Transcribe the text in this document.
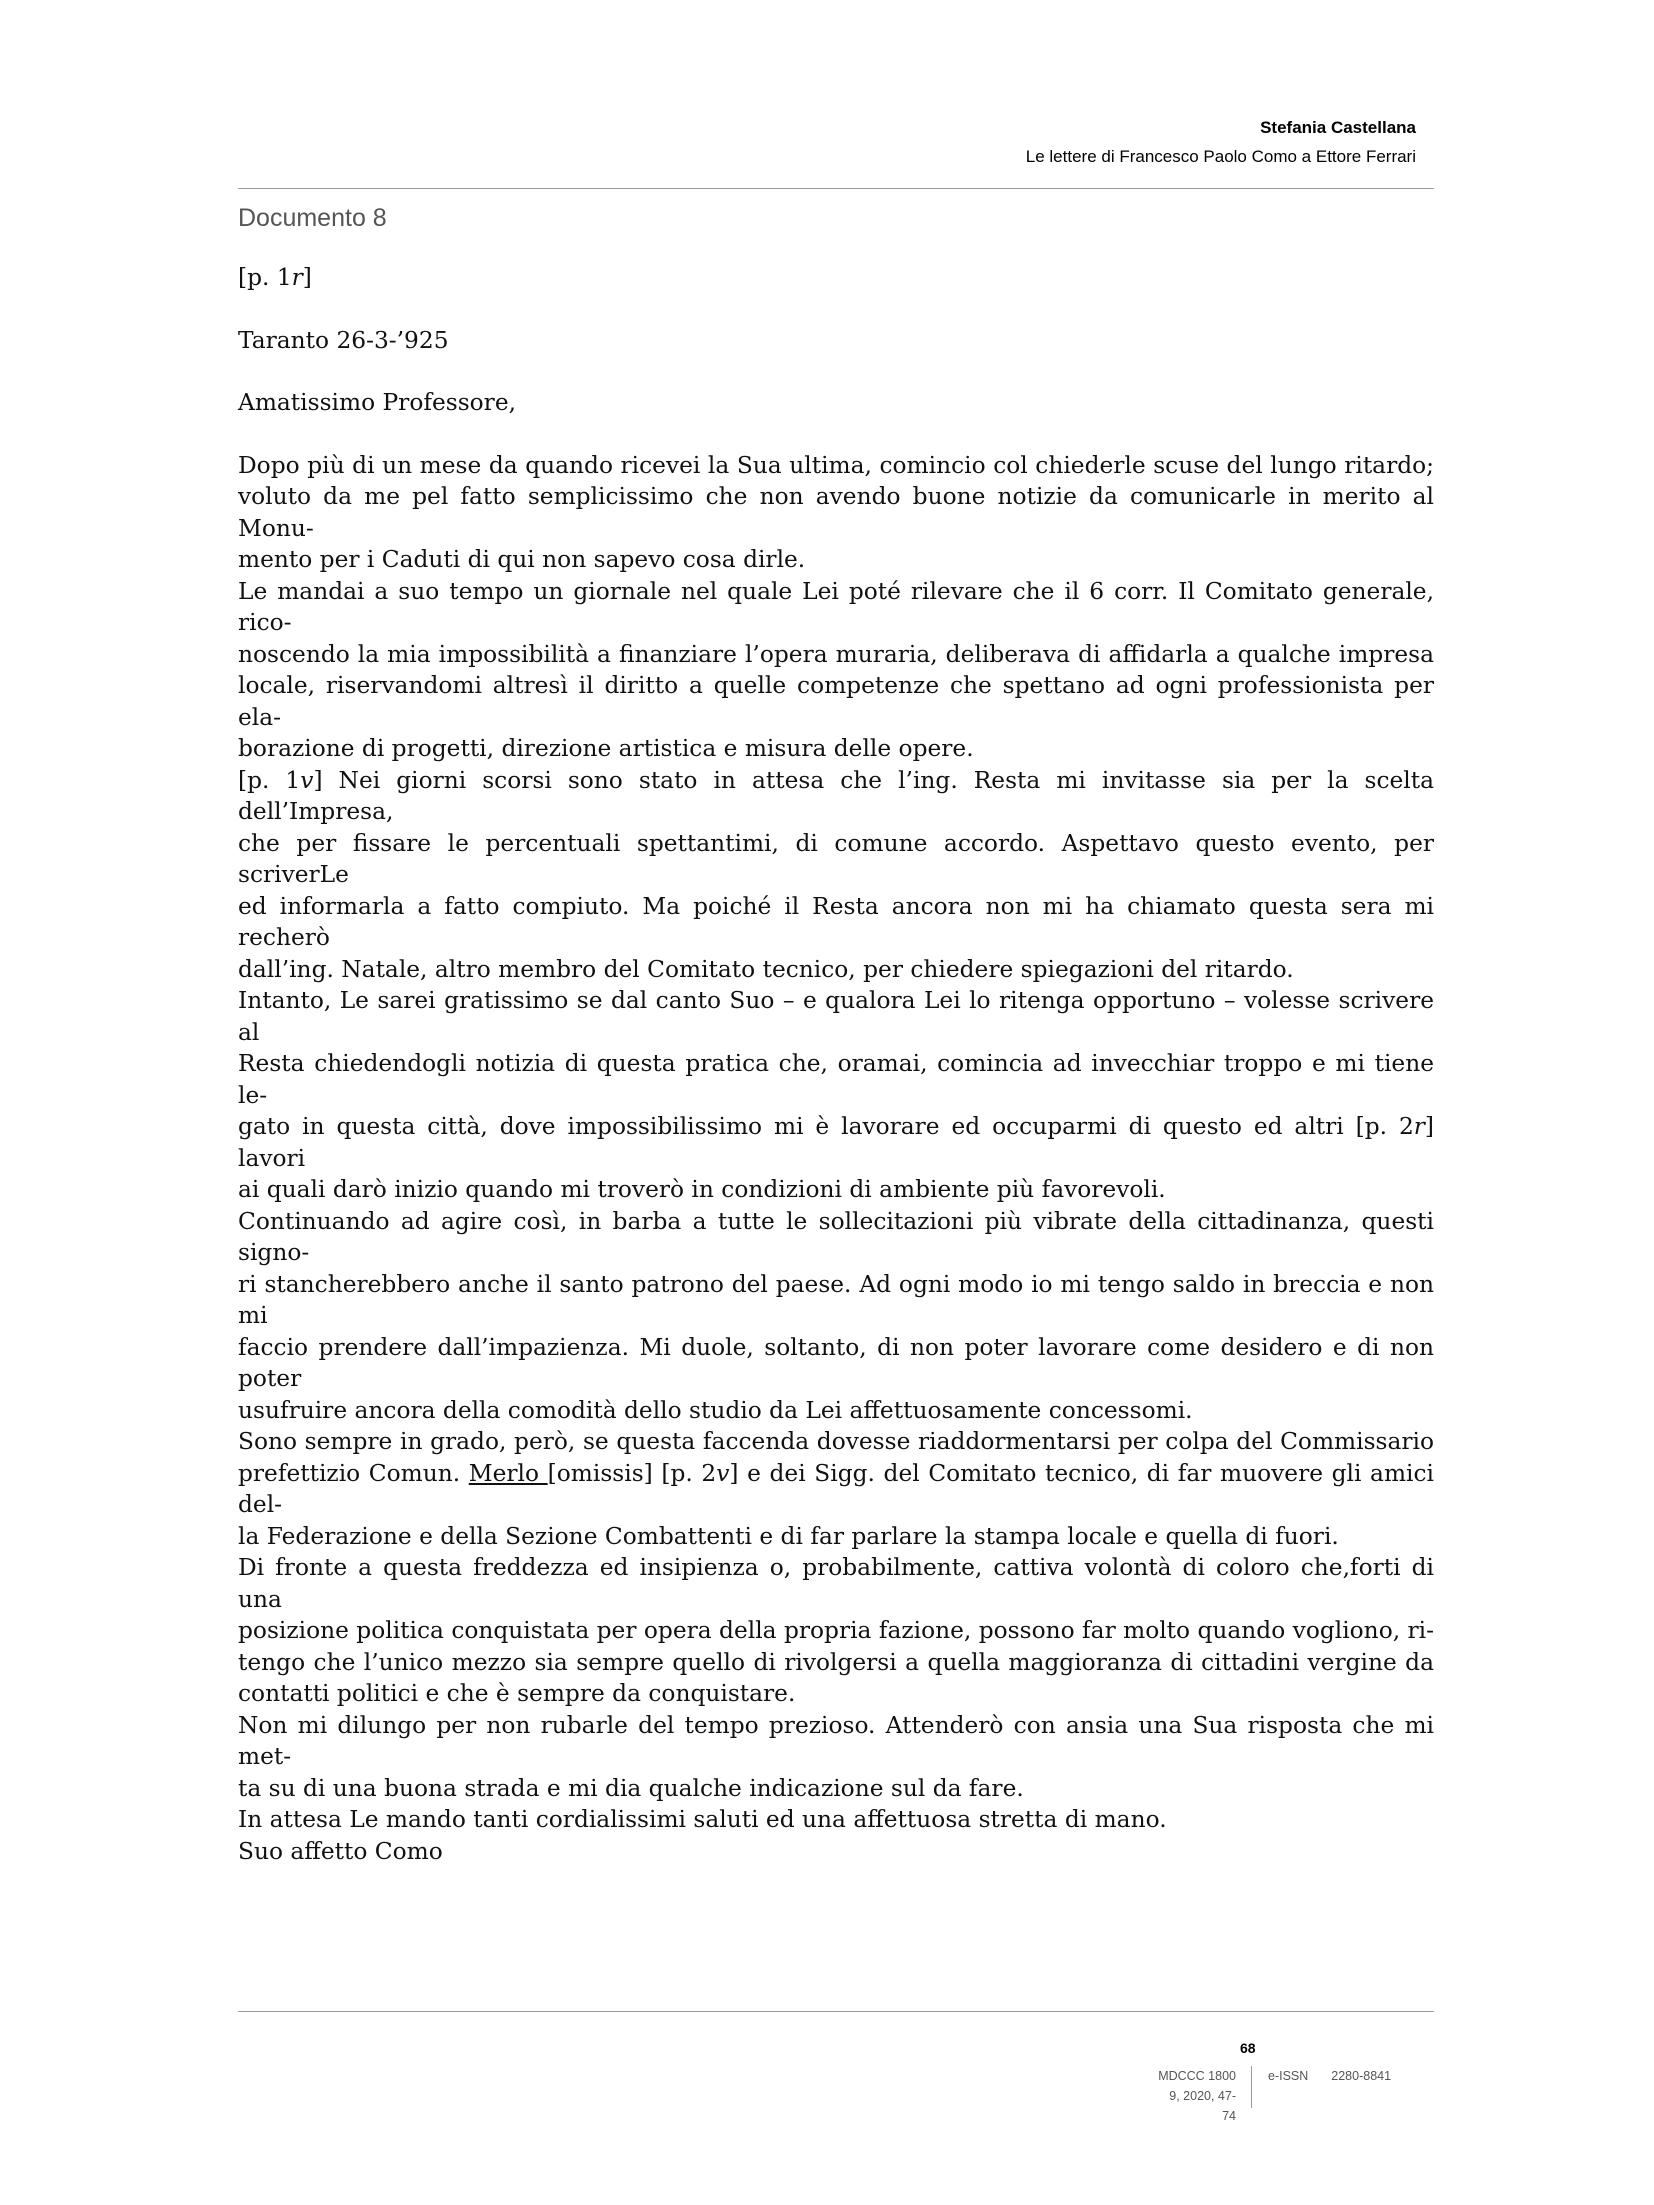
Stefania Castellana
Le lettere di Francesco Paolo Como a Ettore Ferrari
Documento 8

[p. 1r]

Taranto 26-3-’925

Amatissimo Professore,

Dopo più di un mese da quando ricevei la Sua ultima, comincio col chiederle scuse del lungo ritardo;
voluto da me pel fatto semplicissimo che non avendo buone notizie da comunicarle in merito al Monu-
mento per i Caduti di qui non sapevo cosa dirle.
Le mandai a suo tempo un giornale nel quale Lei poté rilevare che il 6 corr. Il Comitato generale, rico-
noscendo la mia impossibilità a finanziare l’opera muraria, deliberava di affidarla a qualche impresa
locale, riservandomi altresì il diritto a quelle competenze che spettano ad ogni professionista per ela-
borazione di progetti, direzione artistica e misura delle opere.
[p. 1v] Nei giorni scorsi sono stato in attesa che l’ing. Resta mi invitasse sia per la scelta dell’Impresa,
che per fissare le percentuali spettantimi, di comune accordo. Aspettavo questo evento, per scriverLe
ed informarla a fatto compiuto. Ma poiché il Resta ancora non mi ha chiamato questa sera mi recherò
dall’ing. Natale, altro membro del Comitato tecnico, per chiedere spiegazioni del ritardo.
Intanto, Le sarei gratissimo se dal canto Suo – e qualora Lei lo ritenga opportuno – volesse scrivere al
Resta chiedendogli notizia di questa pratica che, oramai, comincia ad invecchiar troppo e mi tiene le-
gato in questa città, dove impossibilissimo mi è lavorare ed occuparmi di questo ed altri [p. 2r] lavori
ai quali darò inizio quando mi troverò in condizioni di ambiente più favorevoli.
Continuando ad agire così, in barba a tutte le sollecitazioni più vibrate della cittadinanza, questi signo-
ri stancherebbero anche il santo patrono del paese. Ad ogni modo io mi tengo saldo in breccia e non mi
faccio prendere dall’impazienza. Mi duole, soltanto, di non poter lavorare come desidero e di non poter
usufruire ancora della comodità dello studio da Lei affettuosamente concessomi.
Sono sempre in grado, però, se questa faccenda dovesse riaddormentarsi per colpa del Commissario
prefettizio Comun. Merlo [omissis] [p. 2v] e dei Sigg. del Comitato tecnico, di far muovere gli amici del-
la Federazione e della Sezione Combattenti e di far parlare la stampa locale e quella di fuori.
Di fronte a questa freddezza ed insipienza o, probabilmente, cattiva volontà di coloro che,forti di una
posizione politica conquistata per opera della propria fazione, possono far molto quando vogliono, ri-
tengo che l’unico mezzo sia sempre quello di rivolgersi a quella maggioranza di cittadini vergine da
contatti politici e che è sempre da conquistare.
Non mi dilungo per non rubarle del tempo prezioso. Attenderò con ansia una Sua risposta che mi met-
ta su di una buona strada e mi dia qualche indicazione sul da fare.
In attesa Le mando tanti cordialissimi saluti ed una affettuosa stretta di mano.
Suo affetto Como
68
MDCCC 1800
9, 2020, 47-74
e-ISSN 2280-8841
